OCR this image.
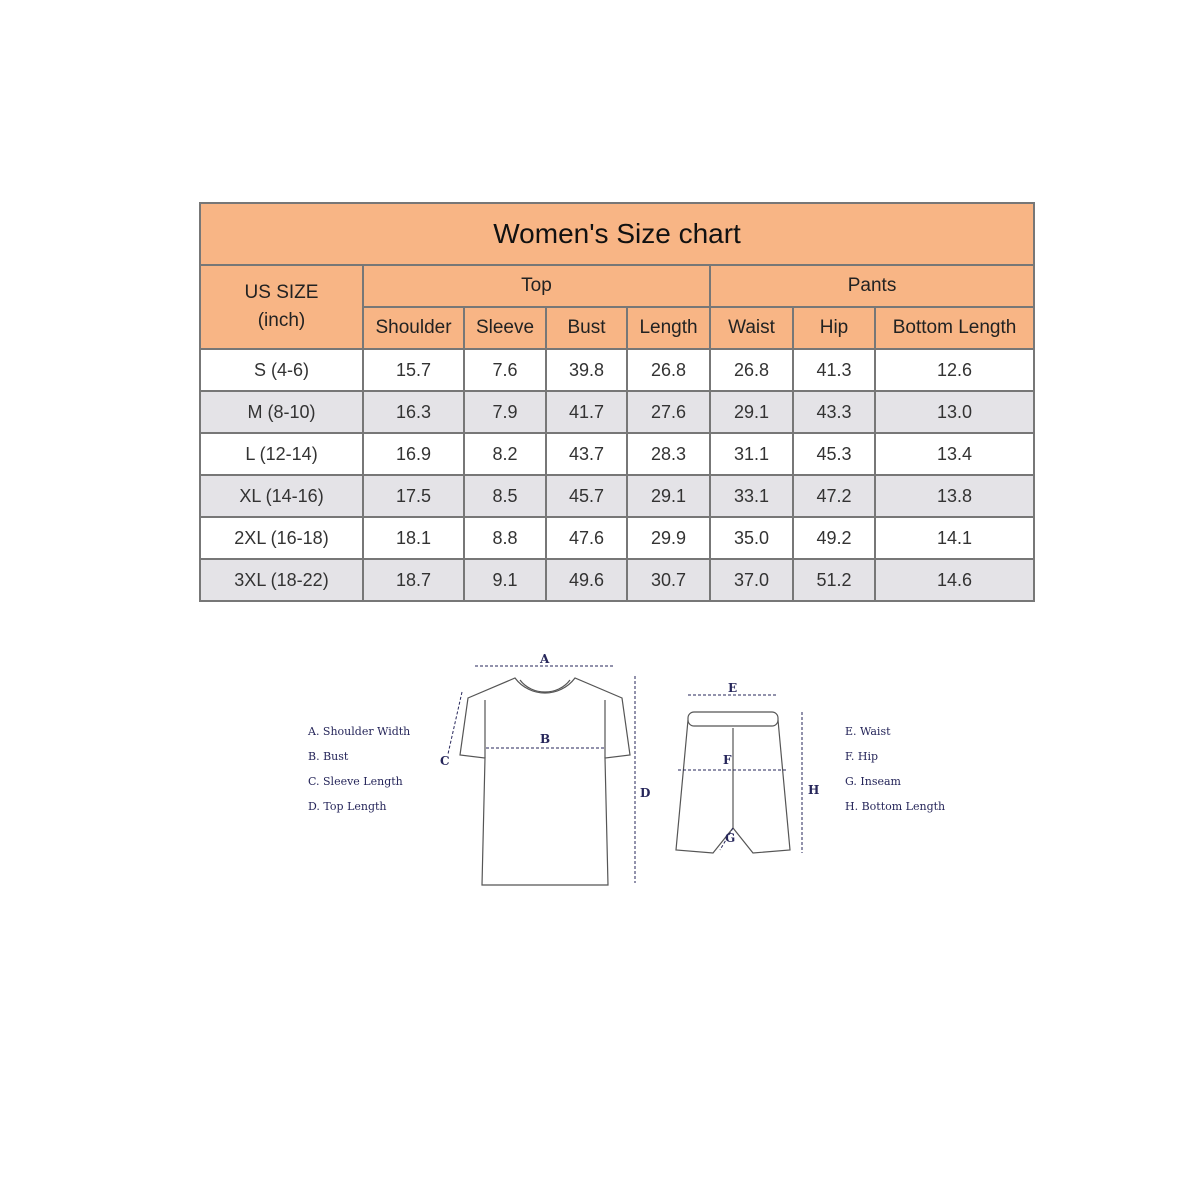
Women's Size chart							

US SIZE
(inch)	Top				Pants		
	Shoulder	Sleeve	Bust	Length	Waist	Hip	Bottom Length
S (4-6)	15.7	7.6	39.8	26.8	26.8	41.3	12.6
M (8-10)	16.3	7.9	41.7	27.6	29.1	43.3	13.0
L (12-14)	16.9	8.2	43.7	28.3	31.1	45.3	13.4
XL (14-16)	17.5	8.5	45.7	29.1	33.1	47.2	13.8
2XL (16-18)	18.1	8.8	47.6	29.9	35.0	49.2	14.1
3XL (18-22)	18.7	9.1	49.6	30.7	37.0	51.2	14.6
A. Shoulder Width
B. Bust
C. Sleeve Length
D. Top Length
A
B
C
D
E
F
G
H
E. Waist
F. Hip
G. Inseam
H. Bottom Length
